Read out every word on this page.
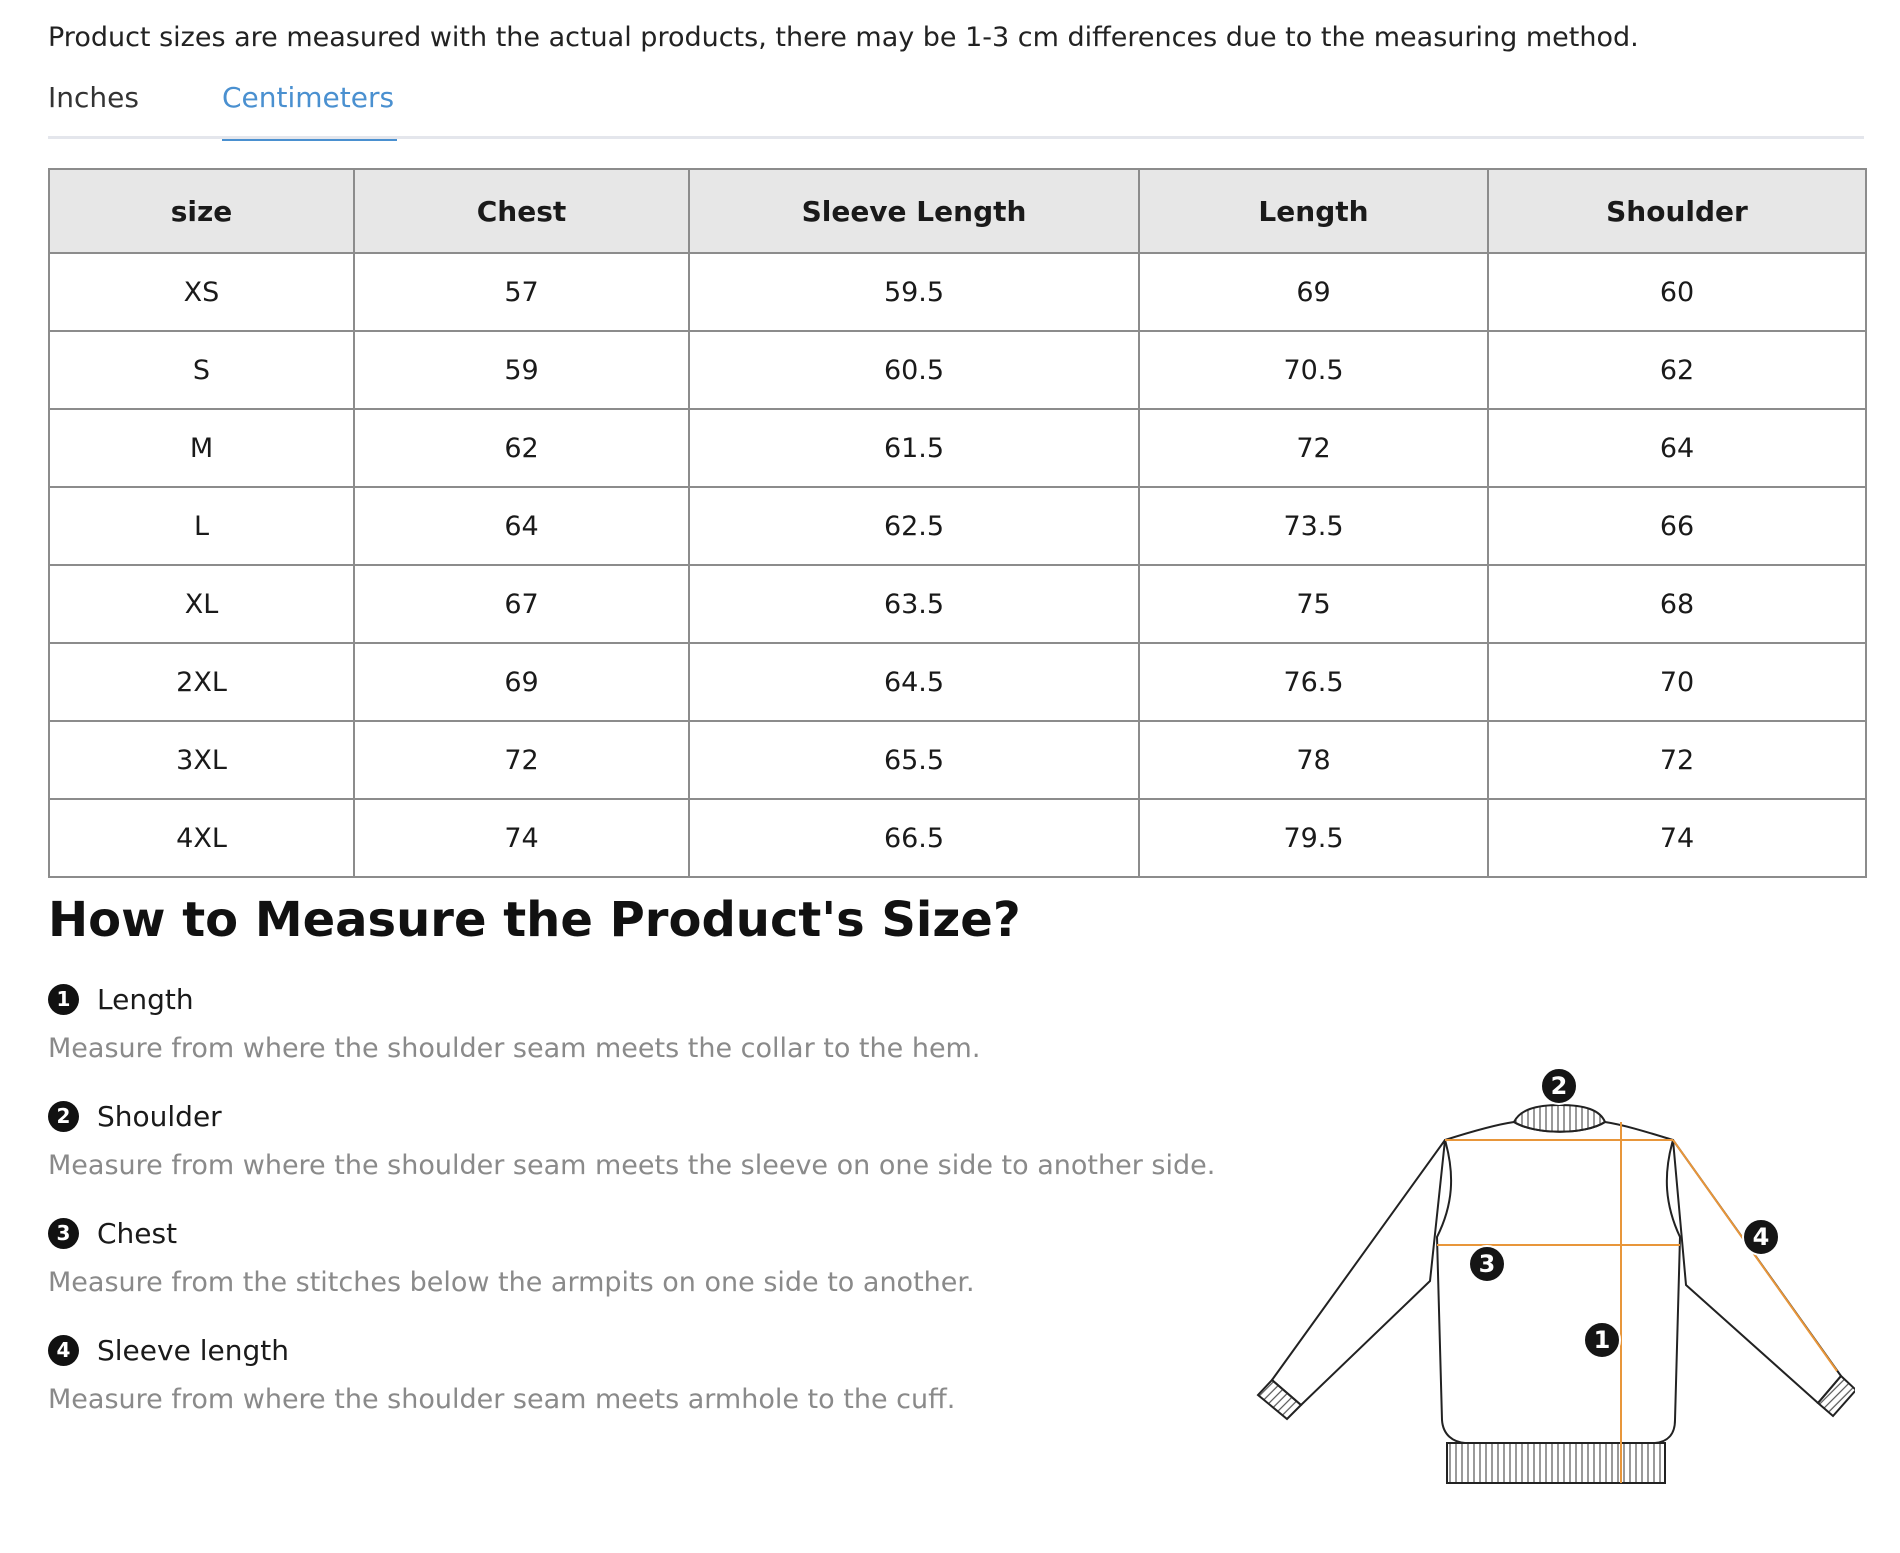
Product sizes are measured with the actual products, there may be 1-3 cm differences due to the measuring method.
Inches	Centimeters
size	Chest	Sleeve Length	Length	Shoulder
XS	57	59.5	69	60
S	59	60.5	70.5	62
M	62	61.5	72	64
L	64	62.5	73.5	66
XL	67	63.5	75	68
2XL	69	64.5	76.5	70
3XL	72	65.5	78	72
4XL	74	66.5	79.5	74
How to Measure the Product's Size?
1 Length
Measure from where the shoulder seam meets the collar to the hem.
2 Shoulder
Measure from where the shoulder seam meets the sleeve on one side to another side.
3 Chest
Measure from the stitches below the armpits on one side to another.
4 Sleeve length
Measure from where the shoulder seam meets armhole to the cuff.
2
3
4
1
